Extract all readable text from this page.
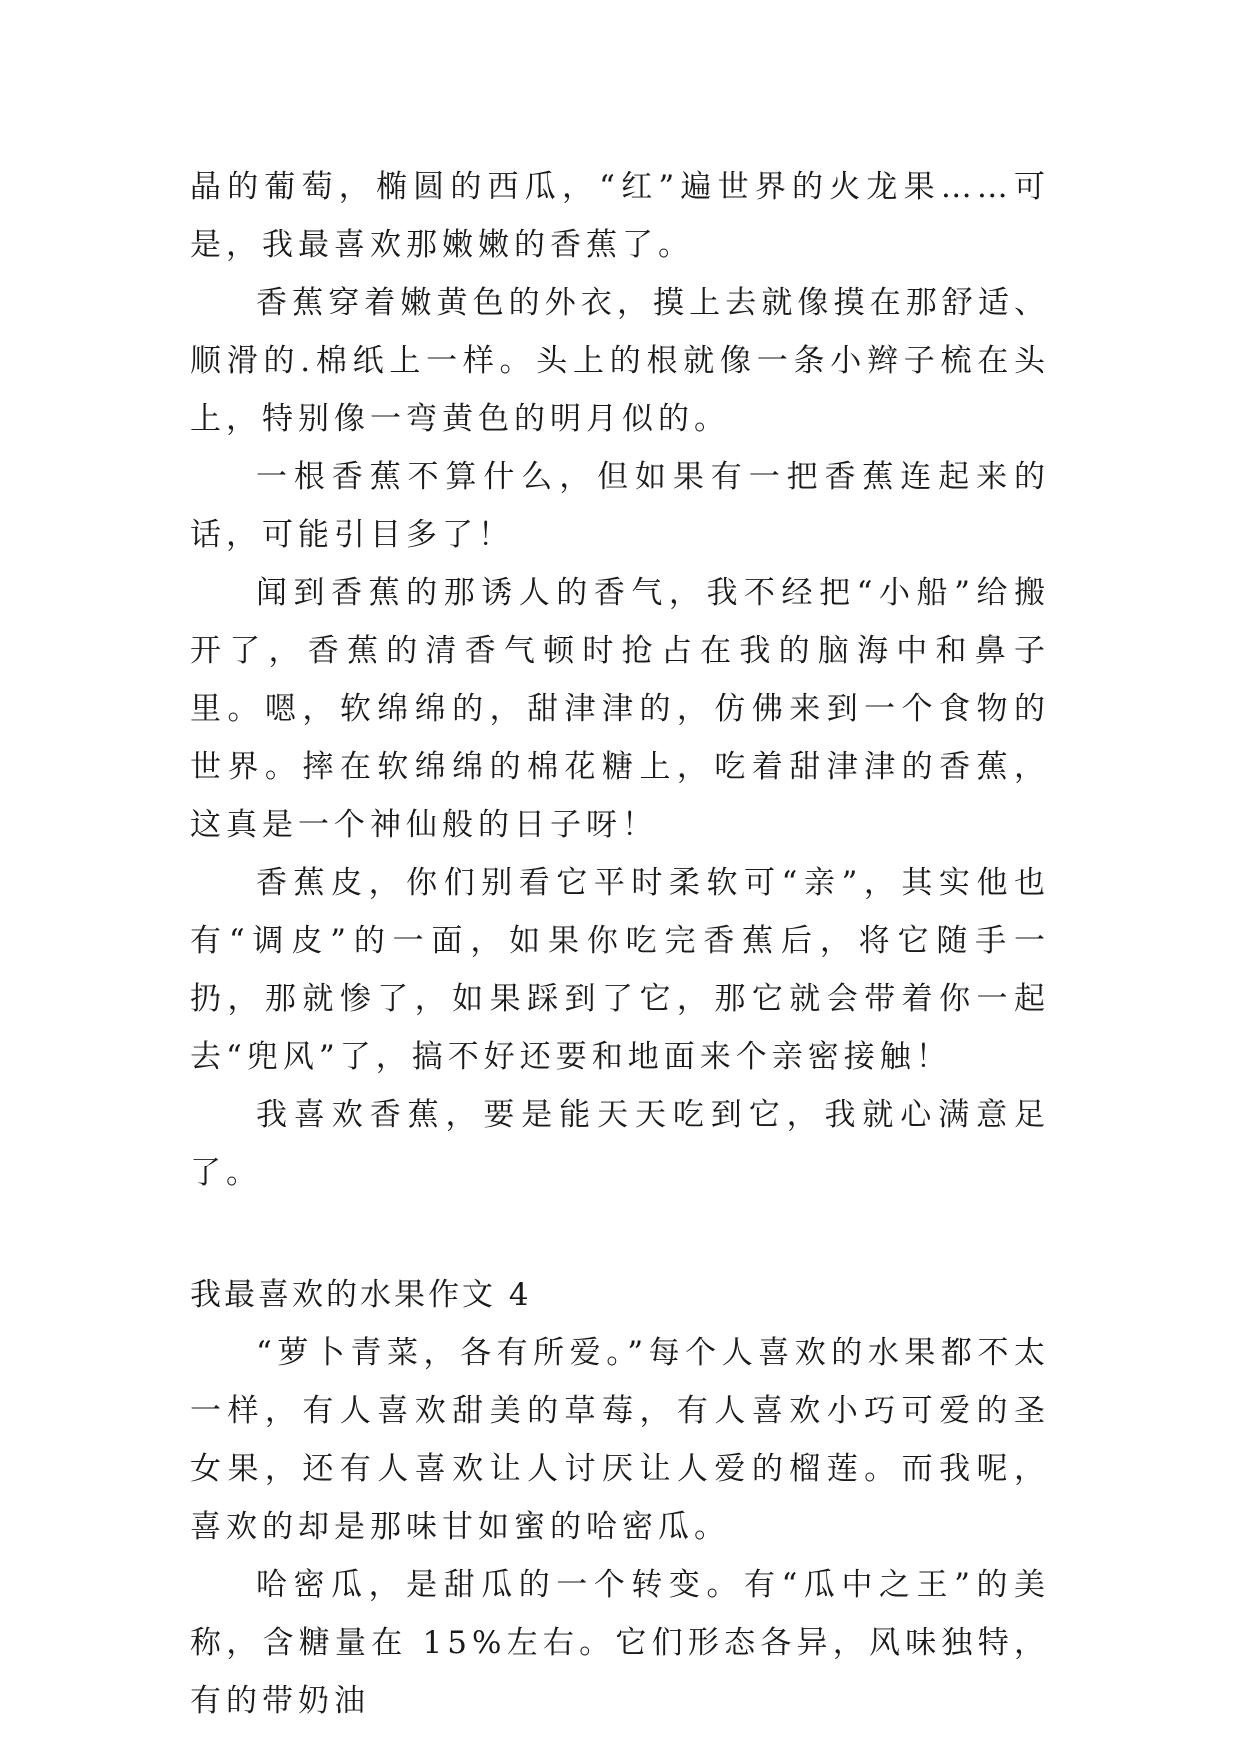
晶的葡萄，椭圆的西瓜，“红”遍世界的火龙果……可是，我最喜欢那嫩嫩的香蕉了。

香蕉穿着嫩黄色的外衣，摸上去就像摸在那舒适、顺滑的.棉纸上一样。头上的根就像一条小辫子梳在头上，特别像一弯黄色的明月似的。

一根香蕉不算什么，但如果有一把香蕉连起来的话，可能引目多了！

闻到香蕉的那诱人的香气，我不经把“小船”给搬开了，香蕉的清香气顿时抢占在我的脑海中和鼻子里。嗯，软绵绵的，甜津津的，仿佛来到一个食物的世界。摔在软绵绵的棉花糖上，吃着甜津津的香蕉，这真是一个神仙般的日子呀！

香蕉皮，你们别看它平时柔软可“亲”，其实他也有“调皮”的一面，如果你吃完香蕉后，将它随手一扔，那就惨了，如果踩到了它，那它就会带着你一起去“兜风”了，搞不好还要和地面来个亲密接触！

我喜欢香蕉，要是能天天吃到它，我就心满意足了。

我最喜欢的水果作文 4

“萝卜青菜，各有所爱。”每个人喜欢的水果都不太一样，有人喜欢甜美的草莓，有人喜欢小巧可爱的圣女果，还有人喜欢让人讨厌让人爱的榴莲。而我呢，喜欢的却是那味甘如蜜的哈密瓜。

哈密瓜，是甜瓜的一个转变。有“瓜中之王”的美称，含糖量在 15%左右。它们形态各异，风味独特，有的带奶油
